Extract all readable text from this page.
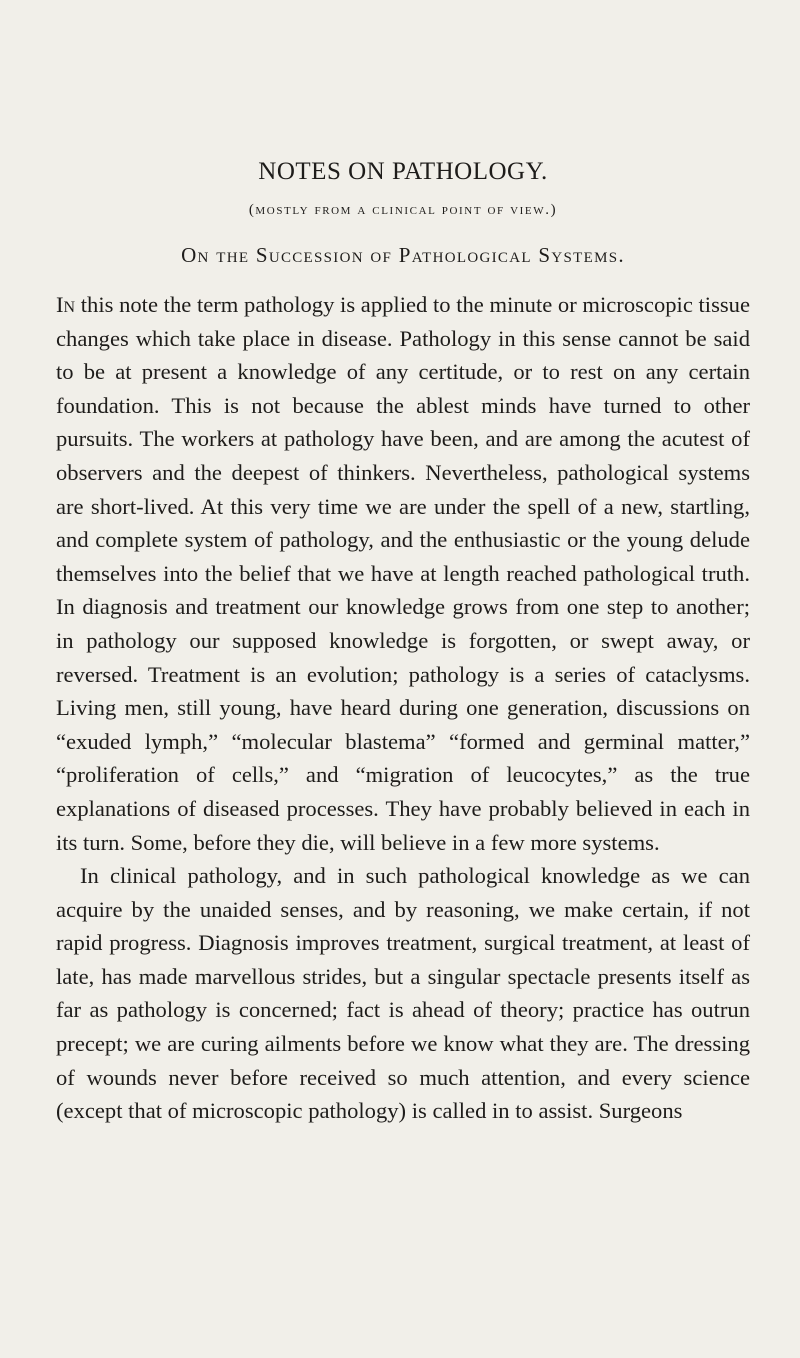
NOTES ON PATHOLOGY.
(mostly from a clinical point of view.)
On the Succession of Pathological Systems.

In this note the term pathology is applied to the minute or microscopic tissue changes which take place in disease. Pathology in this sense cannot be said to be at present a knowledge of any certitude, or to rest on any certain foundation. This is not because the ablest minds have turned to other pursuits. The workers at pathology have been, and are among the acutest of observers and the deepest of thinkers. Nevertheless, pathological systems are short-lived. At this very time we are under the spell of a new, startling, and complete system of pathology, and the enthusiastic or the young delude themselves into the belief that we have at length reached pathological truth. In diagnosis and treatment our knowledge grows from one step to another; in pathology our supposed knowledge is forgotten, or swept away, or reversed. Treatment is an evolution; pathology is a series of cataclysms. Living men, still young, have heard during one generation, discussions on “exuded lymph,” “molecular blastema” “formed and germinal matter,” “proliferation of cells,” and “migration of leucocytes,” as the true explanations of diseased processes. They have probably believed in each in its turn. Some, before they die, will believe in a few more systems.

In clinical pathology, and in such pathological knowledge as we can acquire by the unaided senses, and by reasoning, we make certain, if not rapid progress. Diagnosis improves treatment, surgical treatment, at least of late, has made marvellous strides, but a singular spectacle presents itself as far as pathology is concerned; fact is ahead of theory; practice has outrun precept; we are curing ailments before we know what they are. The dressing of wounds never before received so much attention, and every science (except that of microscopic pathology) is called in to assist. Surgeons
